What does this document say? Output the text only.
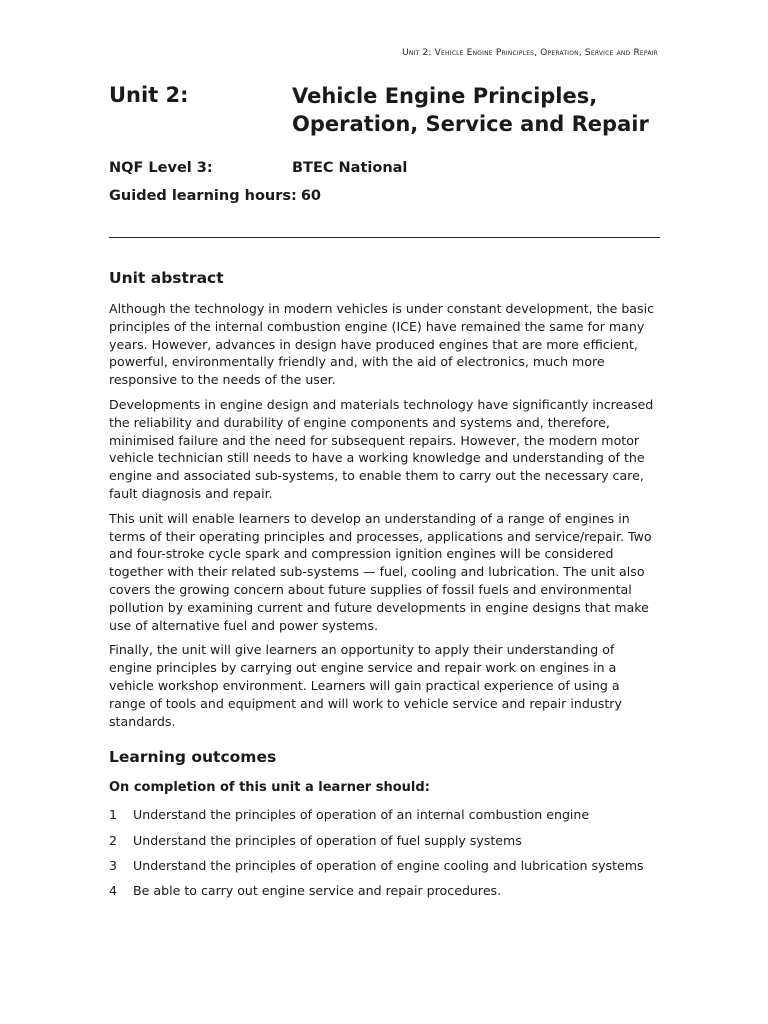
Unit 2: Vehicle Engine Principles, Operation, Service and Repair
Unit 2:	Vehicle Engine Principles,
Operation, Service and Repair
NQF Level 3:	BTEC National
Guided learning hours: 60
Unit abstract

Although the technology in modern vehicles is under constant development, the basic principles of the internal combustion engine (ICE) have remained the same for many years. However, advances in design have produced engines that are more efficient, powerful, environmentally friendly and, with the aid of electronics, much more responsive to the needs of the user.

Developments in engine design and materials technology have significantly increased the reliability and durability of engine components and systems and, therefore, minimised failure and the need for subsequent repairs. However, the modern motor vehicle technician still needs to have a working knowledge and understanding of the engine and associated sub-systems, to enable them to carry out the necessary care, fault diagnosis and repair.

This unit will enable learners to develop an understanding of a range of engines in terms of their operating principles and processes, applications and service/repair. Two and four-stroke cycle spark and compression ignition engines will be considered together with their related sub-systems — fuel, cooling and lubrication. The unit also covers the growing concern about future supplies of fossil fuels and environmental pollution by examining current and future developments in engine designs that make use of alternative fuel and power systems.

Finally, the unit will give learners an opportunity to apply their understanding of engine principles by carrying out engine service and repair work on engines in a vehicle workshop environment. Learners will gain practical experience of using a range of tools and equipment and will work to vehicle service and repair industry standards.

Learning outcomes

On completion of this unit a learner should:

1	Understand the principles of operation of an internal combustion engine
2	Understand the principles of operation of fuel supply systems
3	Understand the principles of operation of engine cooling and lubrication systems
4	Be able to carry out engine service and repair procedures.
